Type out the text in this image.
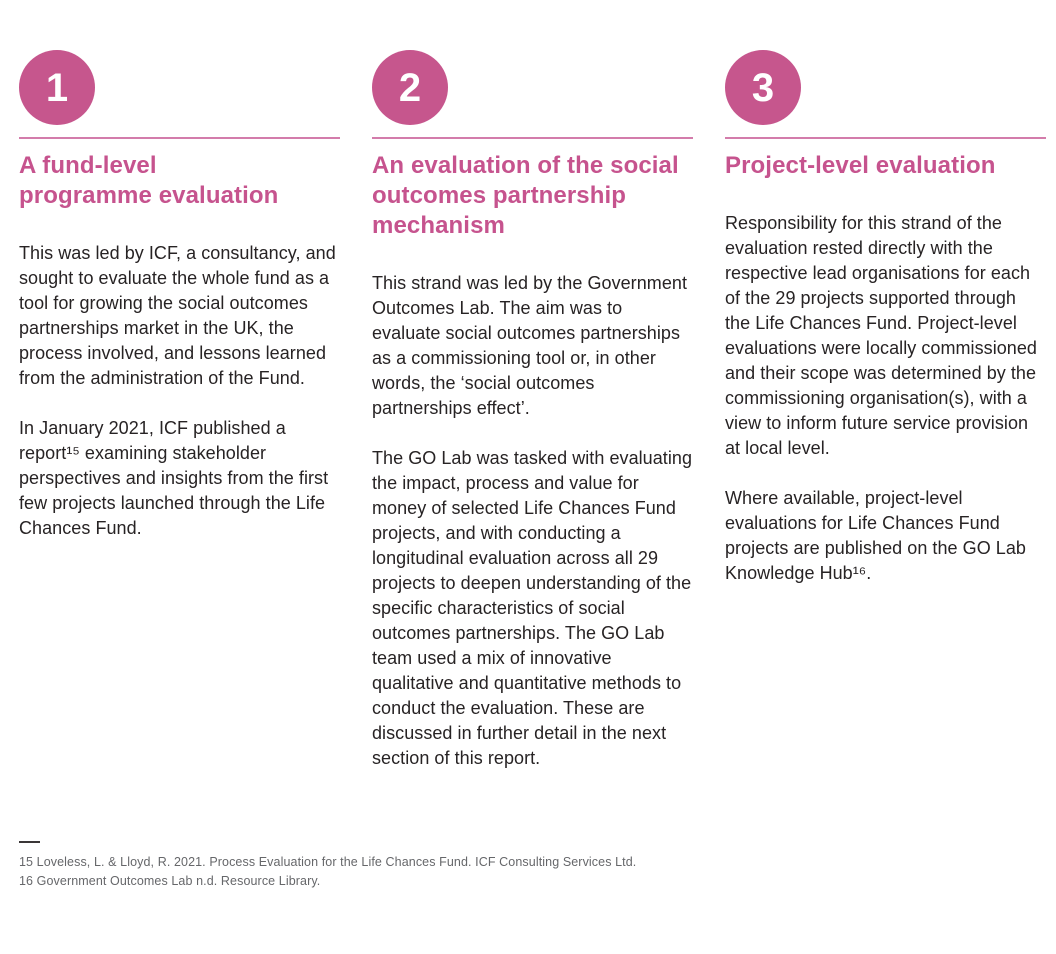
1
A fund-level
programme evaluation

This was led by ICF, a consultancy, and sought to evaluate the whole fund as a tool for growing the social outcomes partnerships market in the UK, the process involved, and lessons learned from the administration of the Fund.

In January 2021, ICF published a report¹⁵ examining stakeholder perspectives and insights from the first few projects launched through the Life Chances Fund.

2
An evaluation of the social
outcomes partnership
mechanism

This strand was led by the Government Outcomes Lab. The aim was to evaluate social outcomes partnerships as a commissioning tool or, in other words, the ‘social outcomes partnerships effect’.

The GO Lab was tasked with evaluating the impact, process and value for money of selected Life Chances Fund projects, and with conducting a longitudinal evaluation across all 29 projects to deepen understanding of the specific characteristics of social outcomes partnerships. The GO Lab team used a mix of innovative qualitative and quantitative methods to conduct the evaluation. These are discussed in further detail in the next section of this report.

3
Project-level evaluation

Responsibility for this strand of the evaluation rested directly with the respective lead organisations for each of the 29 projects supported through the Life Chances Fund. Project-level evaluations were locally commissioned and their scope was determined by the commissioning organisation(s), with a view to inform future service provision at local level.

Where available, project-level evaluations for Life Chances Fund projects are published on the GO Lab Knowledge Hub¹⁶.

15 Loveless, L. & Lloyd, R. 2021. Process Evaluation for the Life Chances Fund. ICF Consulting Services Ltd.
16 Government Outcomes Lab n.d. Resource Library.
